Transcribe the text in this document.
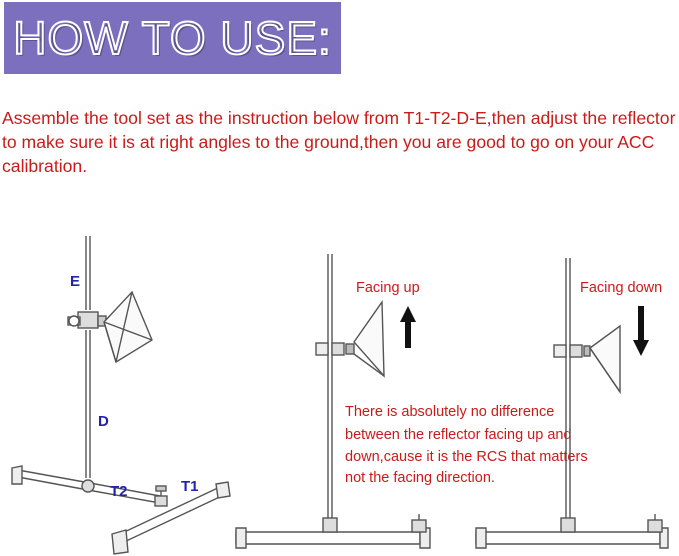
HOW TO USE:
Assemble the tool set as the instruction below from T1-T2-D-E,then adjust the reflector to make sure it is at right angles to the ground,then you are good to go on your ACC calibration.
E
D
T2	T1
Facing up
There is absolutely no difference
between the reflector facing up and
down,cause it is the RCS that matters
not the facing direction.
Facing down
